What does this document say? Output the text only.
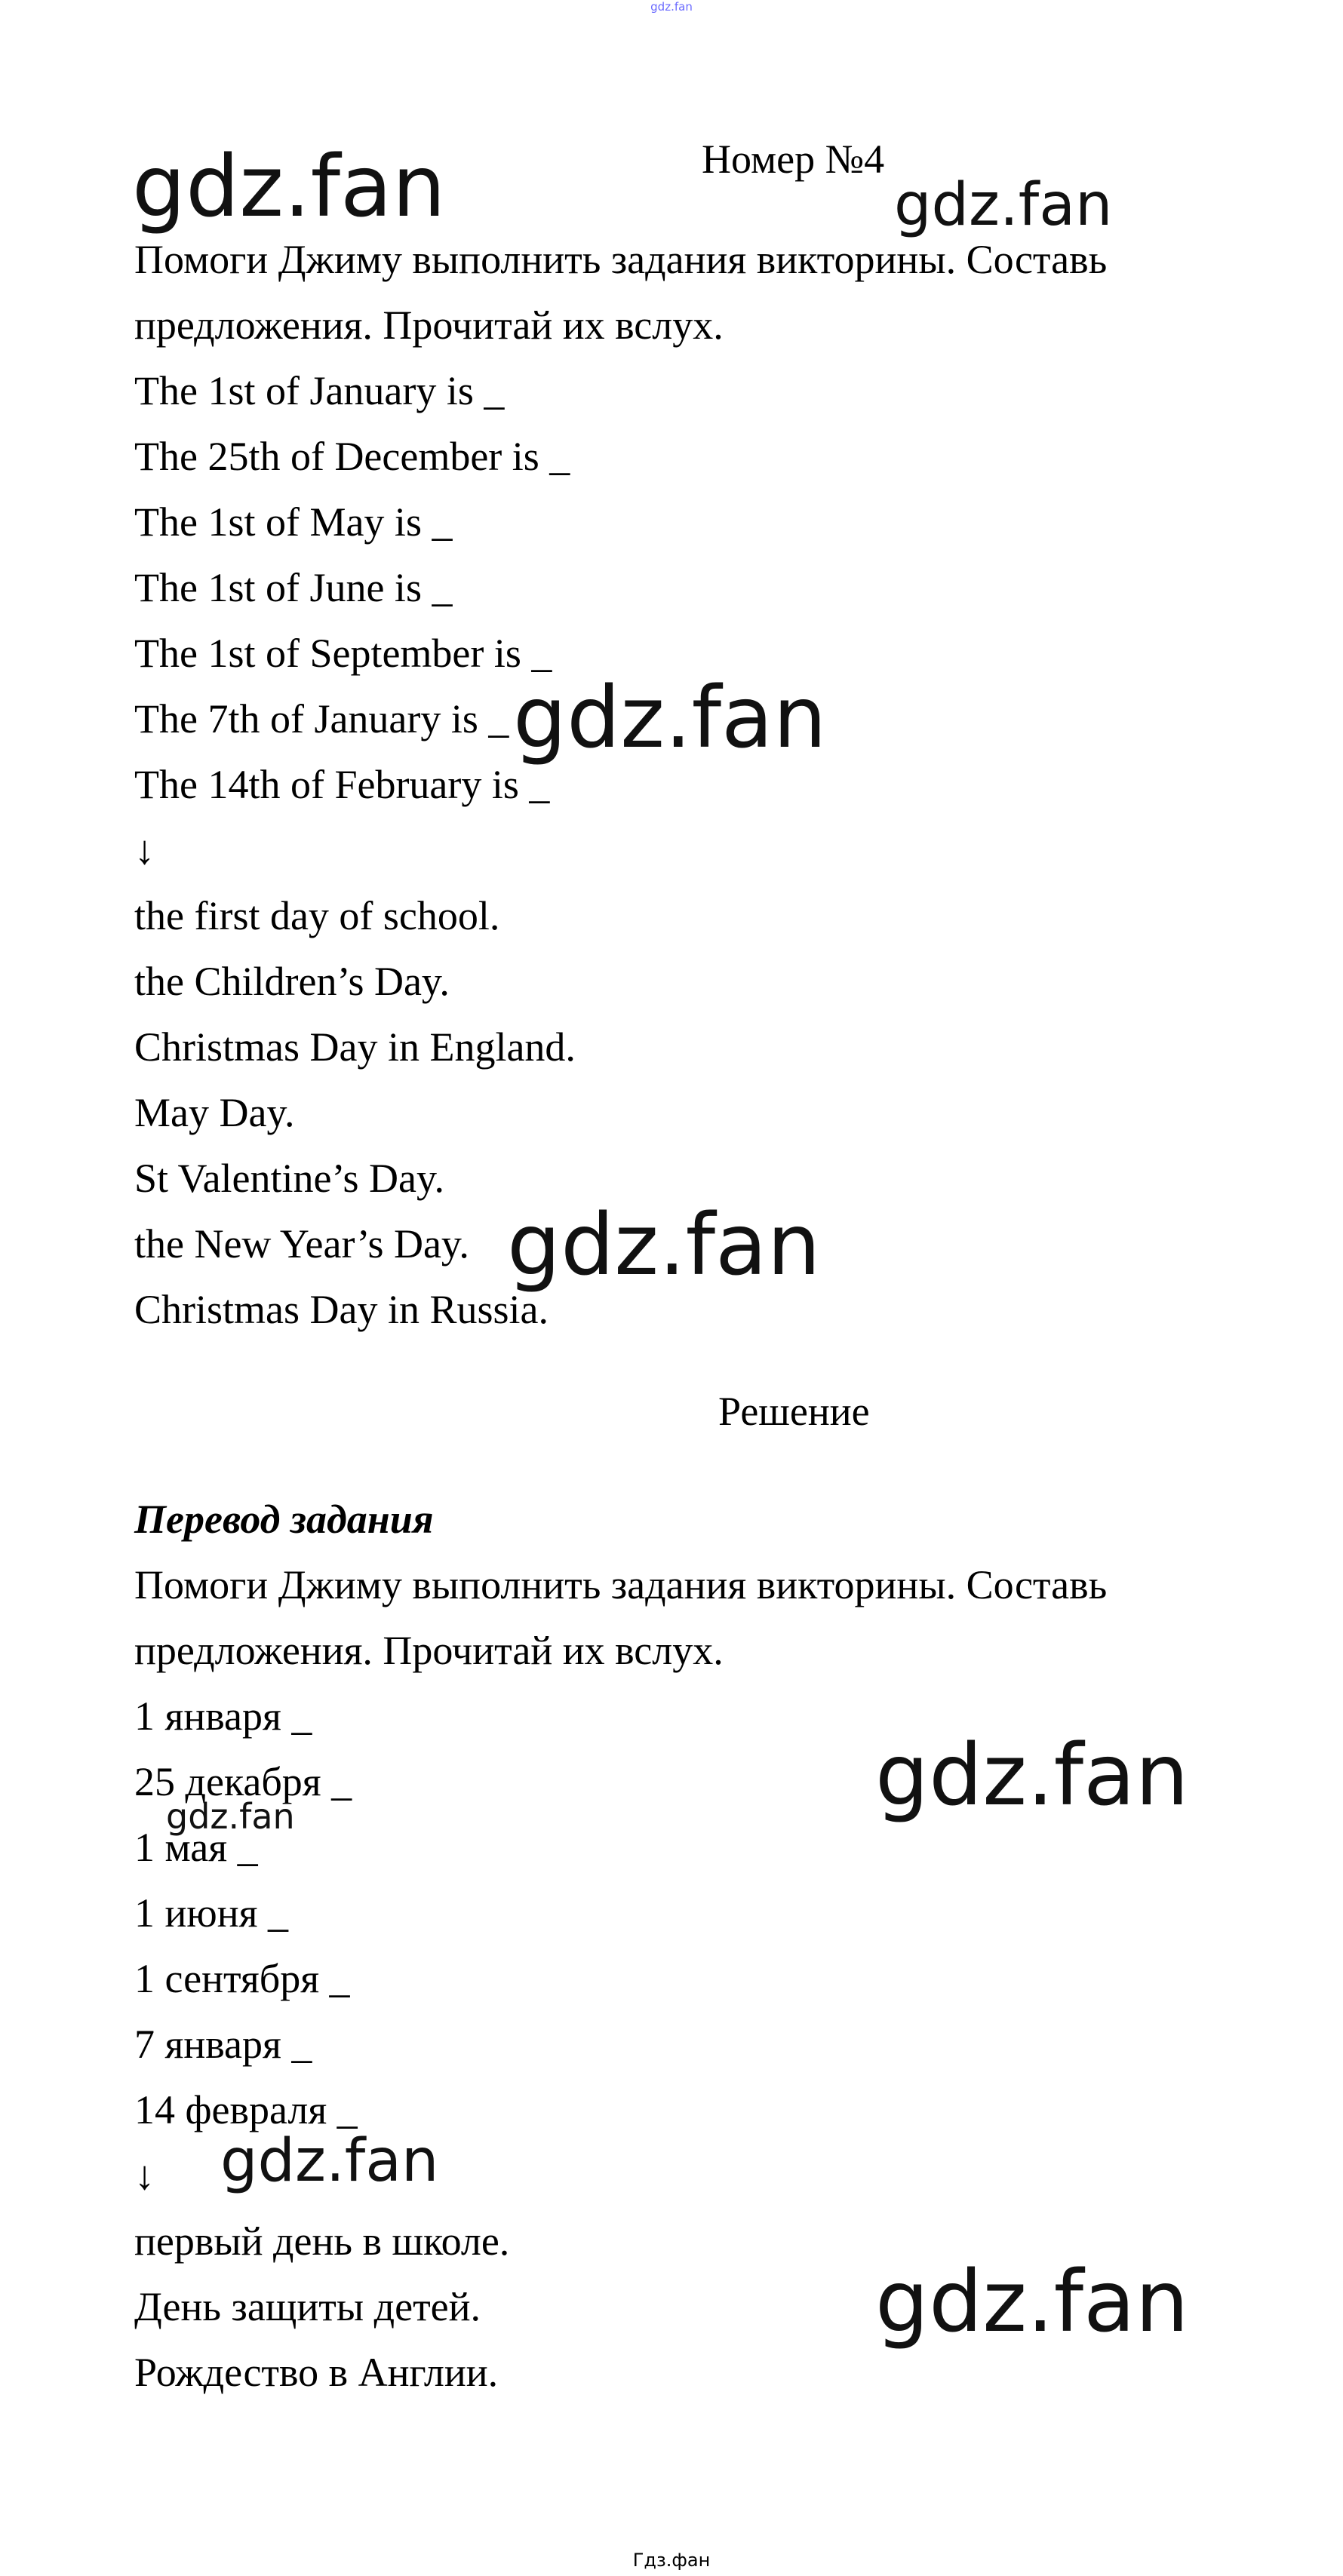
gdz.fan
Номер №4
Помоги Джиму выполнить задания викторины. Составь
предложения. Прочитай их вслух.
The 1st of January is _
The 25th of December is _
The 1st of May is _
The 1st of June is _
The 1st of September is _
The 7th of January is _
The 14th of February is _
↓
the first day of school.
the Children’s Day.
Christmas Day in England.
May Day.
St Valentine’s Day.
the New Year’s Day.
Christmas Day in Russia.
Решение
Перевод задания
Помоги Джиму выполнить задания викторины. Составь
предложения. Прочитай их вслух.
1 января _
25 декабря _
1 мая _
1 июня _
1 сентября _
7 января _
14 февраля _
↓
первый день в школе.
День защиты детей.
Рождество в Англии.
gdz.fan	gdz.fan
gdz.fan
gdz.fan
gdz.fan
gdz.fan
gdz.fan
gdz.fan
Гдз.фан
